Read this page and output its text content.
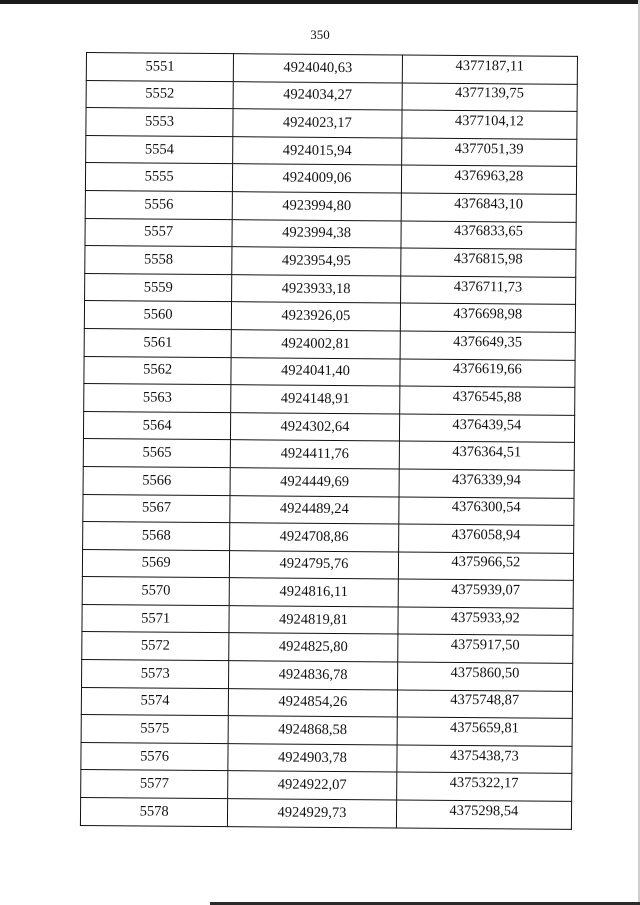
350
5551	4924040,63	4377187,11
5552	4924034,27	4377139,75
5553	4924023,17	4377104,12
5554	4924015,94	4377051,39
5555	4924009,06	4376963,28
5556	4923994,80	4376843,10
5557	4923994,38	4376833,65
5558	4923954,95	4376815,98
5559	4923933,18	4376711,73
5560	4923926,05	4376698,98
5561	4924002,81	4376649,35
5562	4924041,40	4376619,66
5563	4924148,91	4376545,88
5564	4924302,64	4376439,54
5565	4924411,76	4376364,51
5566	4924449,69	4376339,94
5567	4924489,24	4376300,54
5568	4924708,86	4376058,94
5569	4924795,76	4375966,52
5570	4924816,11	4375939,07
5571	4924819,81	4375933,92
5572	4924825,80	4375917,50
5573	4924836,78	4375860,50
5574	4924854,26	4375748,87
5575	4924868,58	4375659,81
5576	4924903,78	4375438,73
5577	4924922,07	4375322,17
5578	4924929,73	4375298,54
